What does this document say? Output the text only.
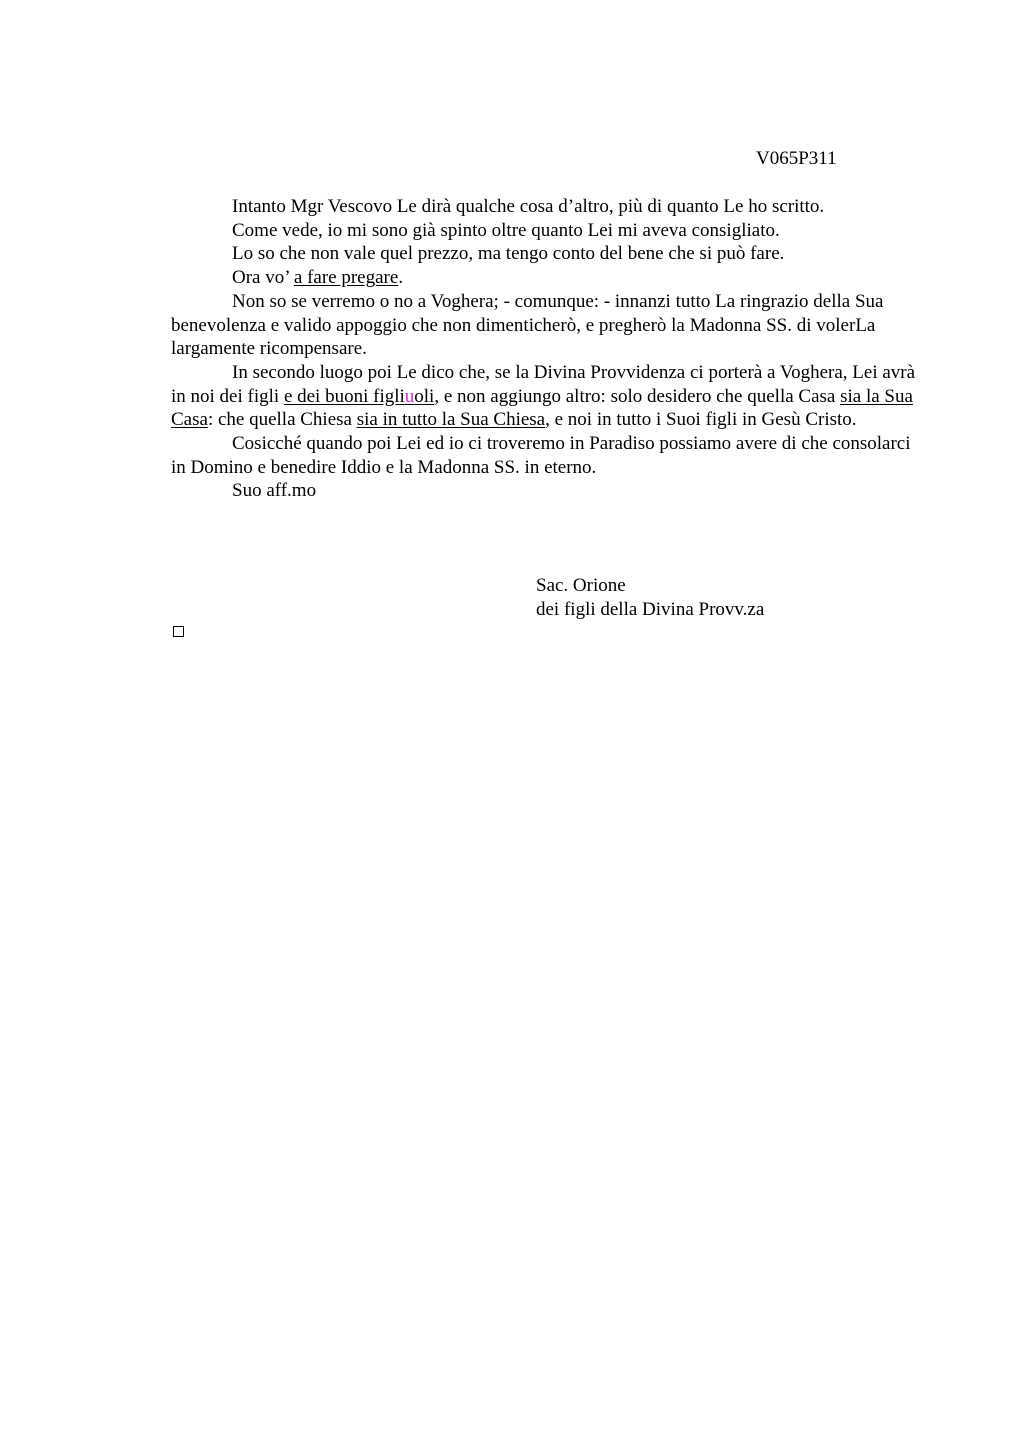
V065P311

Intanto Mgr Vescovo Le dirà qualche cosa d’altro, più di quanto Le ho scritto.

Come vede, io mi sono già spinto oltre quanto Lei mi aveva consigliato.

Lo so che non vale quel prezzo, ma tengo conto del bene che si può fare.

Ora vo’ a fare pregare.

Non so se verremo o no a Voghera; - comunque: - innanzi tutto La ringrazio della Sua benevolenza e valido appoggio che non dimenticherò, e pregherò la Madonna SS. di volerLa largamente ricompensare.

In secondo luogo poi Le dico che, se la Divina Provvidenza ci porterà a Voghera, Lei avrà in noi dei figli e dei buoni figliuoli, e non aggiungo altro: solo desidero che quella Casa sia la Sua Casa: che quella Chiesa sia in tutto la Sua Chiesa, e noi in tutto i Suoi figli in Gesù Cristo.

Cosicché quando poi Lei ed io ci troveremo in Paradiso possiamo avere di che consolarci in Domino e benedire Iddio e la Madonna SS. in eterno.

Suo aff.mo

Sac. Orione
dei figli della Divina Provv.za
